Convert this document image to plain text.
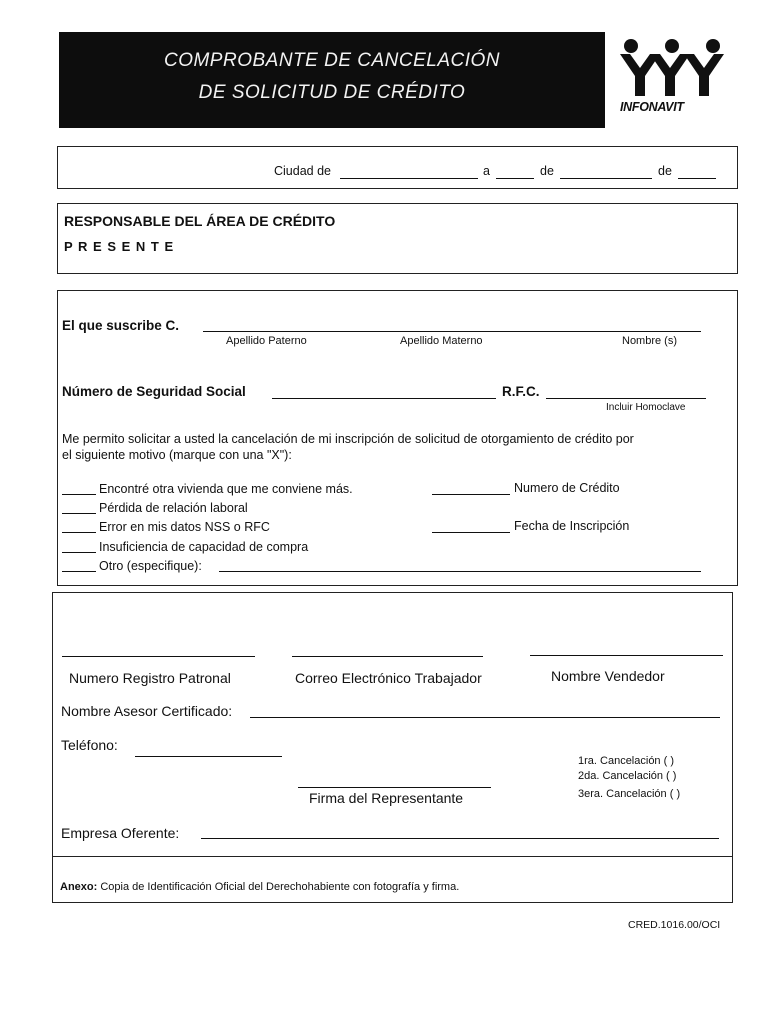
COMPROBANTE DE CANCELACIÓN
DE SOLICITUD DE CRÉDITO
INFONAVIT
Ciudad de	a	de	de
RESPONSABLE DEL ÁREA DE CRÉDITO
P R E S E N T E
El que suscribe C.
Apellido Paterno	Apellido Materno	Nombre (s)
Número de Seguridad Social	R.F.C.
Incluir Homoclave
Me permito solicitar a usted la cancelación de mi inscripción de solicitud de otorgamiento de crédito por
el siguiente motivo (marque con una "X"):
Encontré otra vivienda que me conviene más.
Pérdida de relación laboral
Error en mis datos NSS o RFC
Insuficiencia de capacidad de compra
Otro (especifique):
Numero de Crédito
Fecha de Inscripción
Numero Registro Patronal	Correo Electrónico Trabajador	Nombre Vendedor
Nombre Asesor Certificado:
Teléfono:
1ra. Cancelación ( )
2da. Cancelación ( )
3era. Cancelación ( )
Firma del Representante
Empresa Oferente:
Anexo: Copia de Identificación Oficial del Derechohabiente con fotografía y firma.
CRED.1016.00/OCI
